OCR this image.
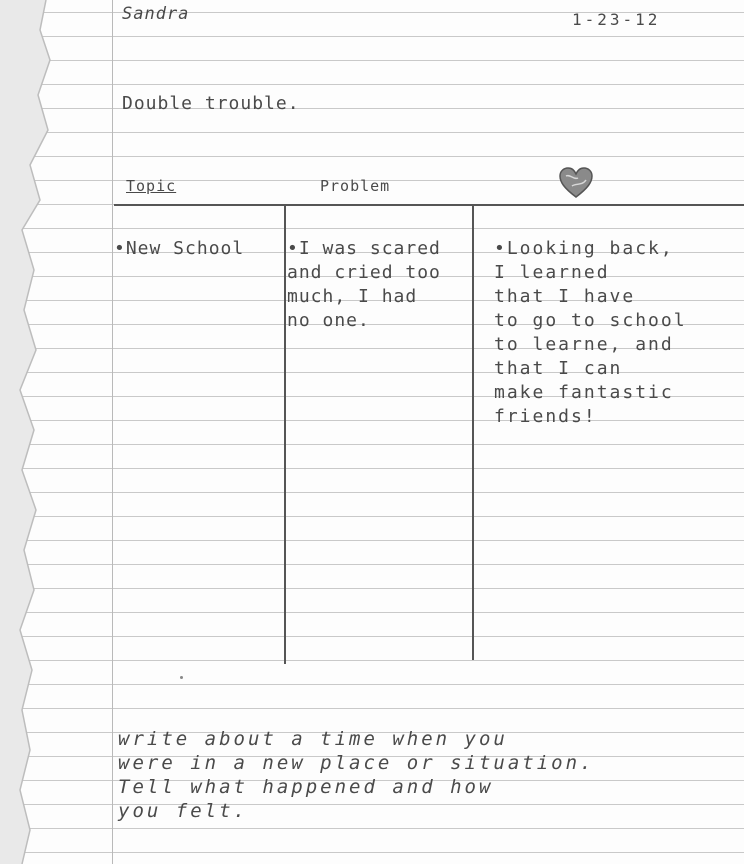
Sandra	1-23-12
Double trouble.
Topic	Problem
•New School •I was scared
and cried too
much, I had
no one.
•Looking back,
I learned
that I have
to go to school
to learne, and
that I can
make fantastic
friends!
write about a time when you
were in a new place or situation.
Tell what happened and how
you felt.
